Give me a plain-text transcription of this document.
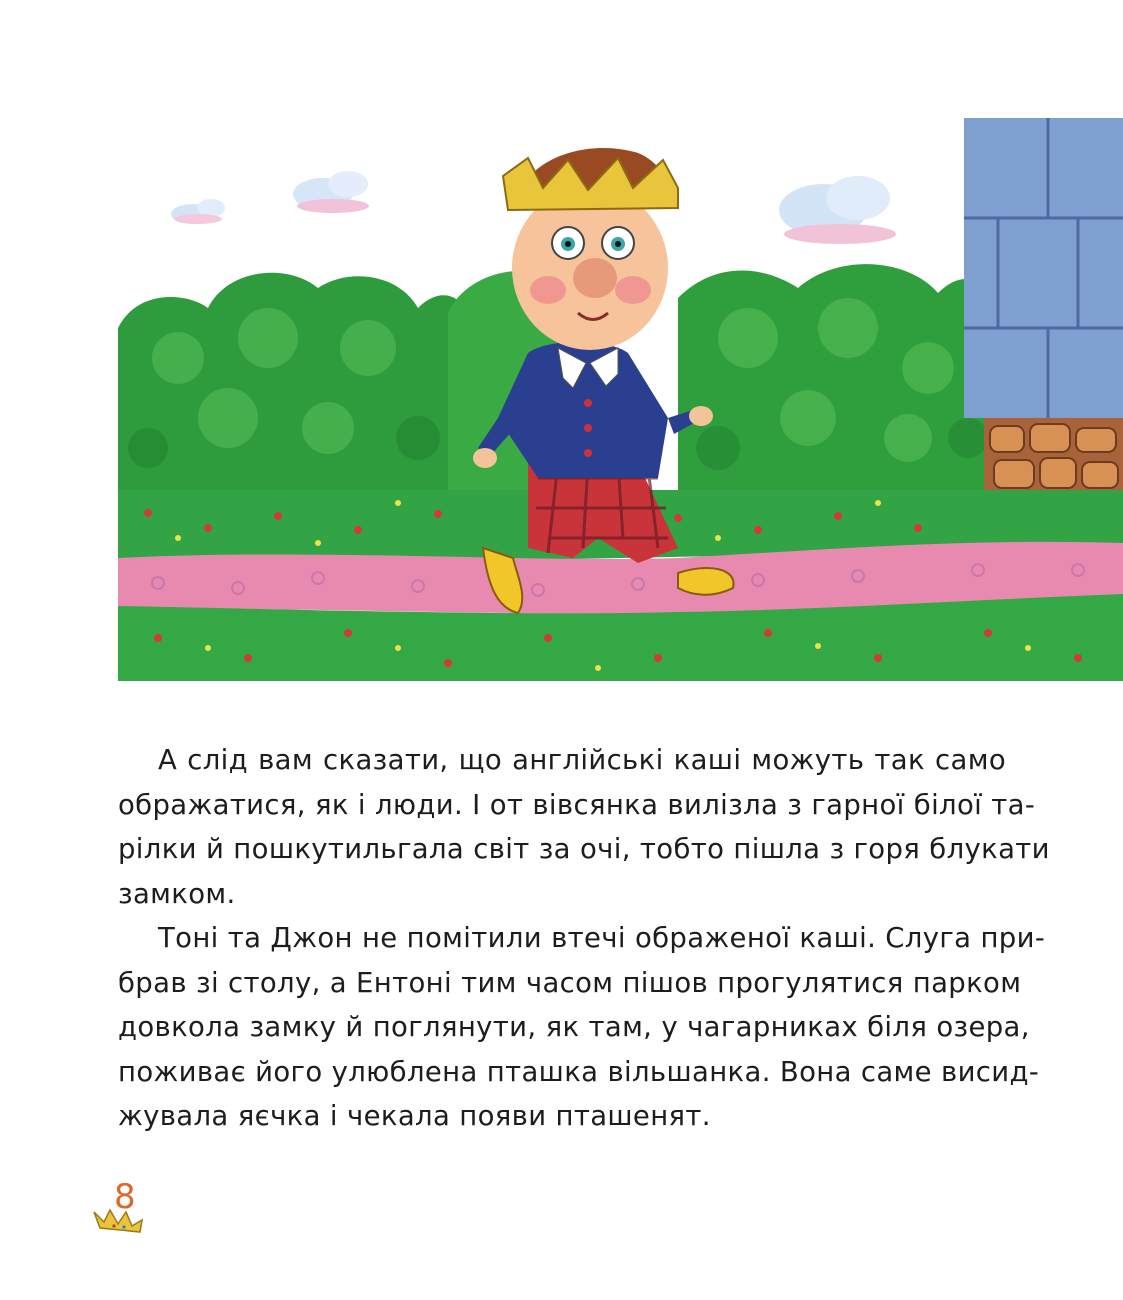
А слід вам сказати, що англійські каші можуть так само
ображатися, як і люди. І от вівсянка вилізла з гарної білої та-
рілки й пошкутильгала світ за очі, тобто пішла з горя блукати
замком.
Тоні та Джон не помітили втечі ображеної каші. Слуга при-
брав зі столу, а Ентоні тим часом пішов прогулятися парком
довкола замку й поглянути, як там, у чагарниках біля озера,
поживає його улюблена пташка вільшанка. Вона саме висид-
жувала яєчка і чекала появи пташенят.
8
